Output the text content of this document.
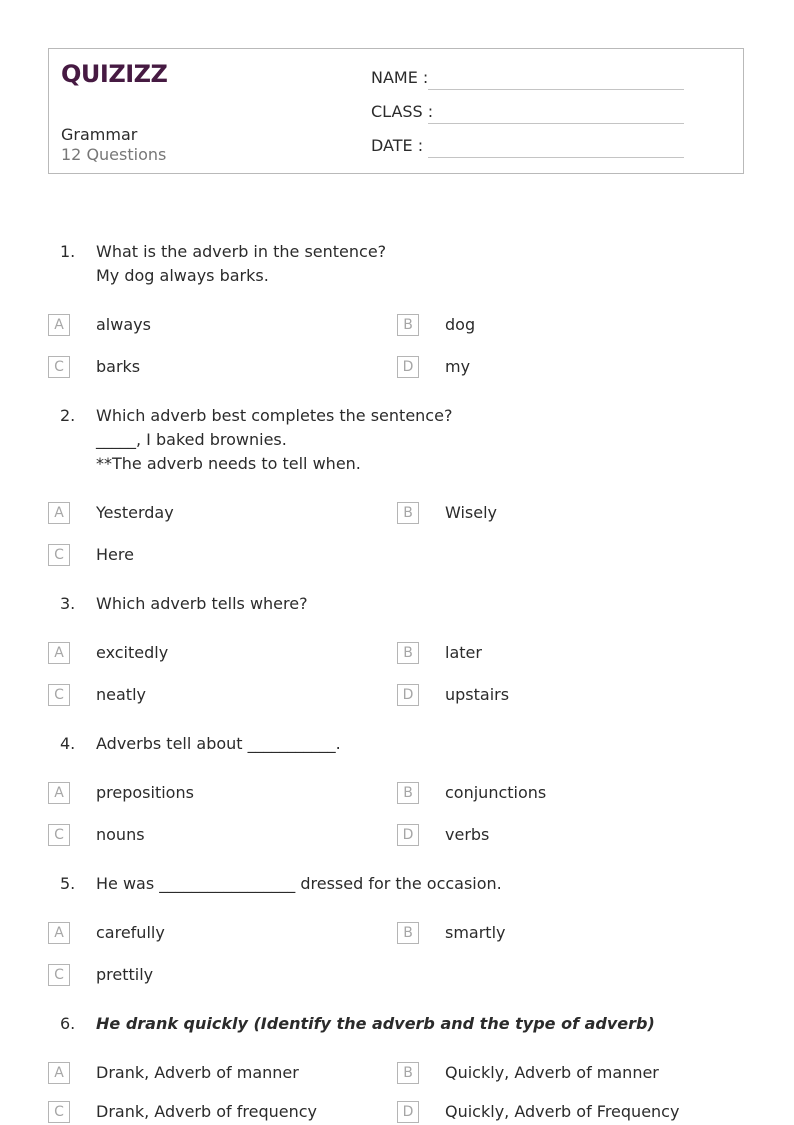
QUIZIZZ
Grammar
12 Questions
NAME :
CLASS :
DATE :
1. What is the adverb in the sentence?
My dog always barks.
A	always	B	dog
C	barks	D	my
2. Which adverb best completes the sentence?
_____, I baked brownies.
**The adverb needs to tell when.
A	Yesterday	B	Wisely
C	Here
3. Which adverb tells where?
A	excitedly	B	later
C	neatly	D	upstairs
4. Adverbs tell about ___________.
A	prepositions	B	conjunctions
C	nouns	D	verbs
5. He was _________________ dressed for the occasion.
A	carefully	B	smartly
C	prettily
6. He drank quickly (Identify the adverb and the type of adverb)
A	Drank, Adverb of manner	B	Quickly, Adverb of manner
C	Drank, Adverb of frequency	D	Quickly, Adverb of Frequency
